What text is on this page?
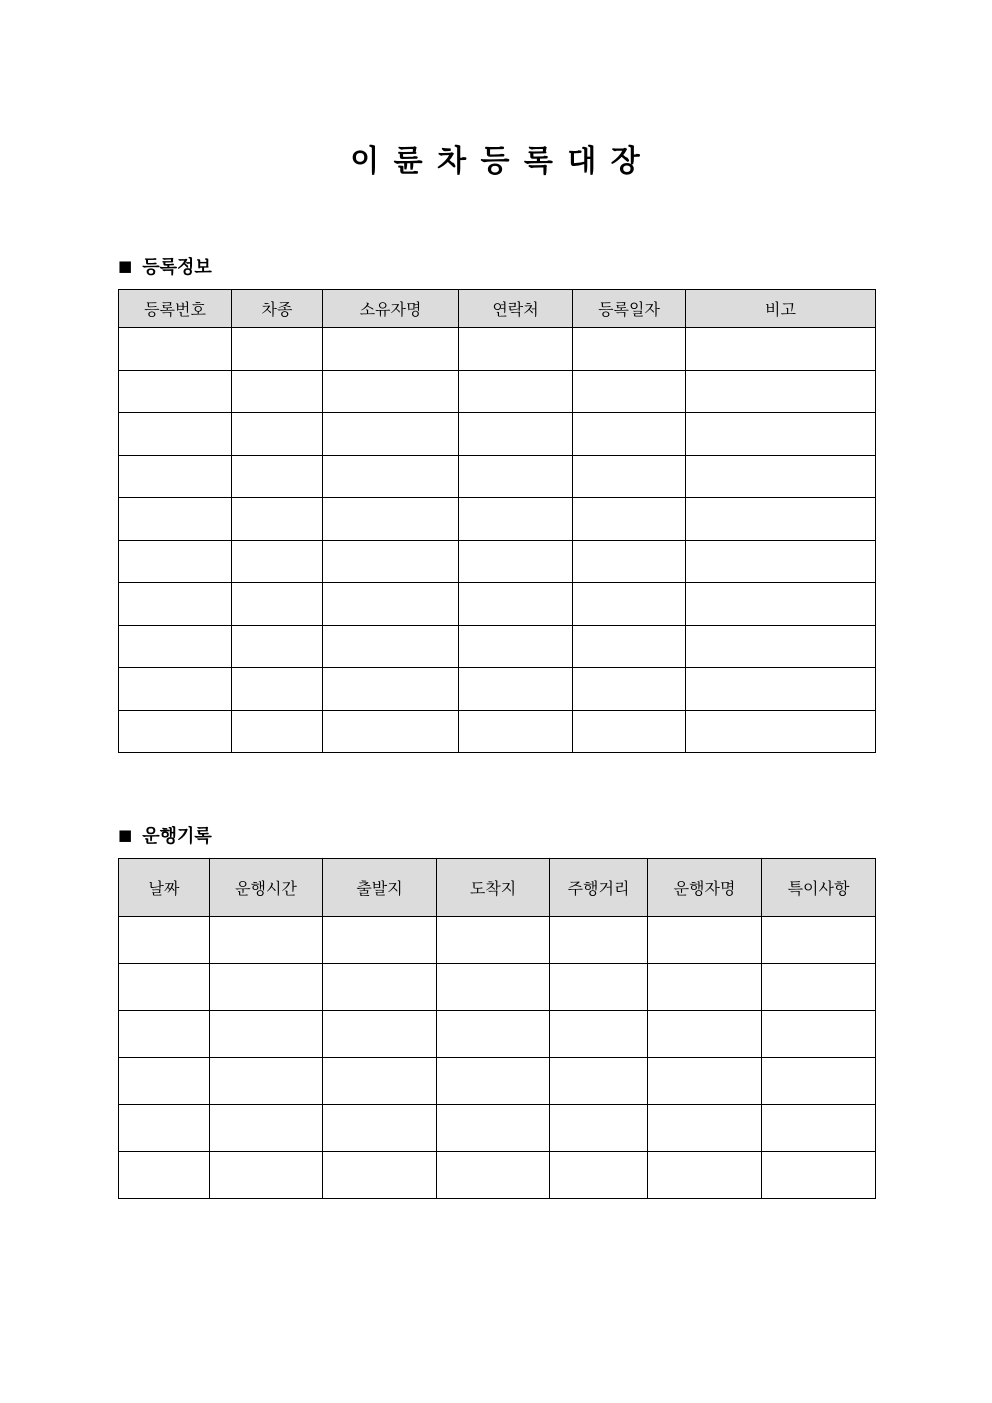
이 륜 차 등 록 대 장
■ 등록정보
등록번호	차종	소유자명	연락처	등록일자	비고

■ 운행기록
날짜	운행시간	출발지	도착지	주행거리	운행자명	특이사항
